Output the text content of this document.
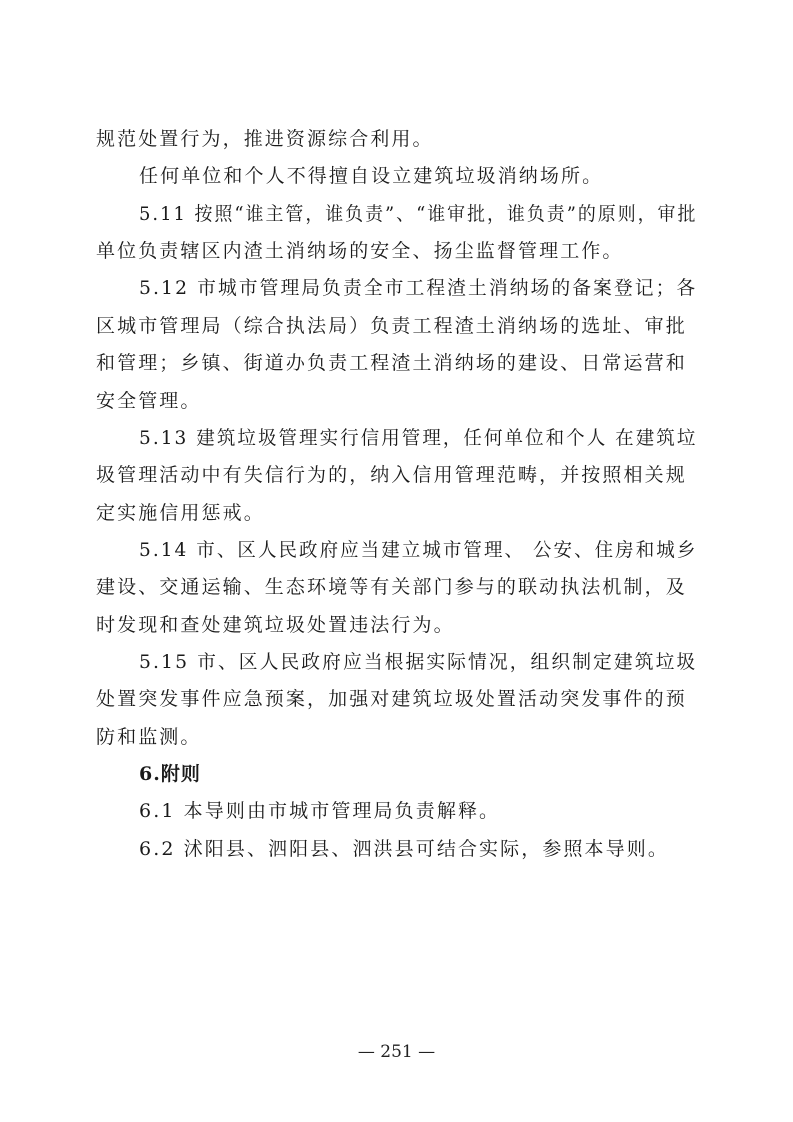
规范处置行为，推进资源综合利用。
任何单位和个人不得擅自设立建筑垃圾消纳场所。
5.11 按照“谁主管，谁负责”、“谁审批，谁负责”的原则，审批
单位负责辖区内渣土消纳场的安全、扬尘监督管理工作。
5.12 市城市管理局负责全市工程渣土消纳场的备案登记；各
区城市管理局（综合执法局）负责工程渣土消纳场的选址、审批
和管理；乡镇、街道办负责工程渣土消纳场的建设、日常运营和
安全管理。
5.13 建筑垃圾管理实行信用管理，任何单位和个人 在建筑垃
圾管理活动中有失信行为的，纳入信用管理范畴，并按照相关规
定实施信用惩戒。
5.14 市、区人民政府应当建立城市管理、 公安、住房和城乡
建设、交通运输、生态环境等有关部门参与的联动执法机制，及
时发现和查处建筑垃圾处置违法行为。
5.15 市、区人民政府应当根据实际情况，组织制定建筑垃圾
处置突发事件应急预案，加强对建筑垃圾处置活动突发事件的预
防和监测。
6.附则
6.1 本导则由市城市管理局负责解释。
6.2 沭阳县、泗阳县、泗洪县可结合实际，参照本导则。
— 251 —
